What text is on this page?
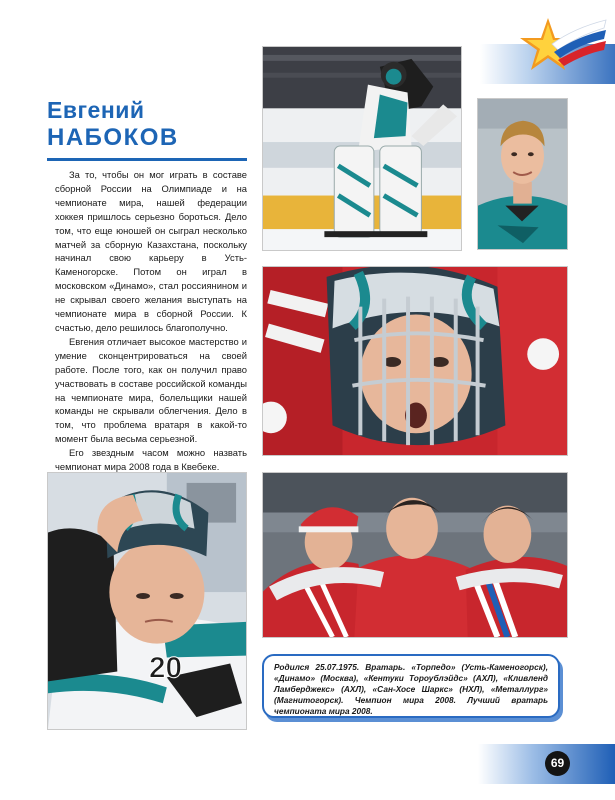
Евгений
НАБОКОВ

За то, чтобы он мог играть в составе сборной России на Олимпиаде и на чемпионате мира, нашей федерации хоккея пришлось серьезно бороться. Дело том, что еще юношей он сыграл несколько матчей за сборную Казахстана, поскольку начинал свою карьеру в Усть-Каменогорске. Потом он играл в московском «Динамо», стал россиянином и не скрывал своего желания выступать на чемпионате мира в сборной России. К счастью, дело решилось благополучно.

Евгения отличает высокое мастерство и умение сконцентрироваться на своей работе. После того, как он получил право участвовать в составе российской команды на чемпионате мира, болельщики нашей команды не скрывали облегчения. Дело в том, что проблема вратаря в какой-то момент была весьма серьезной.

Его звездным часом можно назвать чемпионат мира 2008 года в Квебеке.

20	Родился 25.07.1975. Вратарь. «Торпедо» (Усть-Каменогорск), «Динамо» (Москва), «Кентуки Тороублэйдс» (АХЛ), «Кливленд Ламберджекс» (АХЛ), «Сан-Хосе Шаркс» (НХЛ), «Металлург» (Магнитогорск). Чемпион мира 2008. Лучший вратарь чемпионата мира 2008.
69
